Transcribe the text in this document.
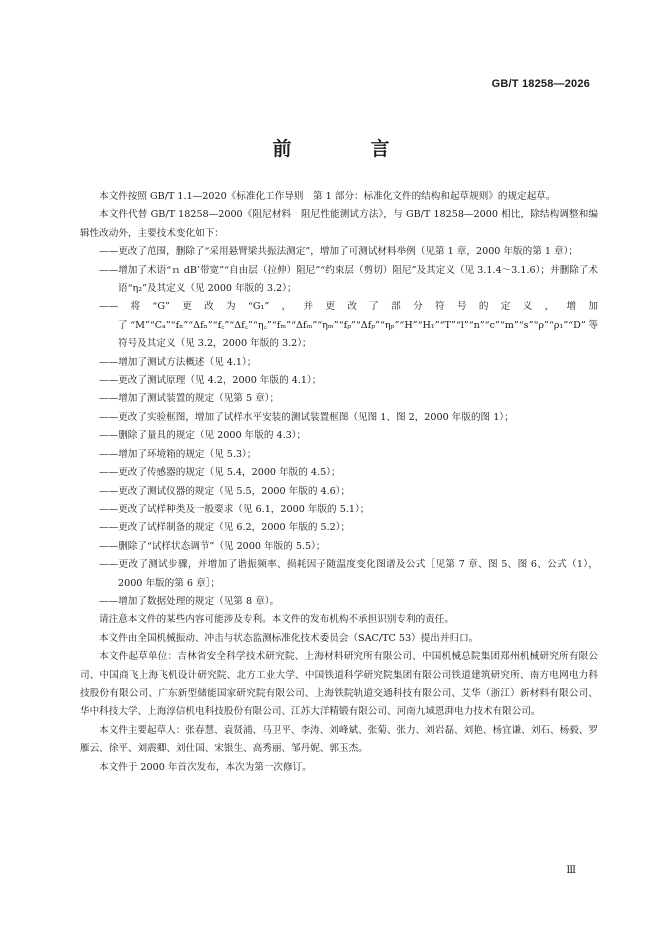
GB/T 18258—2026
前　言

本文件按照 GB/T 1.1—2020《标准化工作导则　第 1 部分：标准化文件的结构和起草规则》的规定起草。

本文件代替 GB/T 18258—2000《阻尼材料　阻尼性能测试方法》，与 GB/T 18258—2000 相比，除结构调整和编辑性改动外，主要技术变化如下：

——更改了范围，删除了“采用悬臂梁共振法测定”，增加了可测试材料举例（见第 1 章，2000 年版的第 1 章）；

——增加了术语“ｎ dB’带宽”“自由层（拉伸）阻尼”“约束层（剪切）阻尼”及其定义（见 3.1.4～3.1.6）；并删除了术语“η₂”及其定义（见 2000 年版的 3.2）；

——将“G”更改为“G₁”，并更改了部分符号的定义，增加了“M”“Cₐ”“fₙ”“Δfₙ”“f꜀”“Δf꜀”“η꜀”“fₘ”“Δfₘ”“ηₘ”“fₚ”“Δfₚ”“ηₚ”“H”“H₁”“T”“l”“n”“c”“m”“s”“ρ”“ρ₁”“D”等符号及其定义（见 3.2，2000 年版的 3.2）；

——增加了测试方法概述（见 4.1）；

——更改了测试原理（见 4.2，2000 年版的 4.1）；

——增加了测试装置的规定（见第 5 章）；

——更改了实验框图，增加了试样水平安装的测试装置框图（见图 1、图 2，2000 年版的图 1）；

——删除了量具的规定（见 2000 年版的 4.3）；

——增加了环境箱的规定（见 5.3）；

——更改了传感器的规定（见 5.4，2000 年版的 4.5）；

——更改了测试仪器的规定（见 5.5，2000 年版的 4.6）；

——更改了试样种类及一般要求（见 6.1，2000 年版的 5.1）；

——更改了试样制备的规定（见 6.2，2000 年版的 5.2）；

——删除了“试样状态调节”（见 2000 年版的 5.5）；

——更改了测试步骤，并增加了谐振频率、损耗因子随温度变化图谱及公式［见第 7 章、图 5、图 6、公式（1），2000 年版的第 6 章］；

——增加了数据处理的规定（见第 8 章）。

请注意本文件的某些内容可能涉及专利。本文件的发布机构不承担识别专利的责任。

本文件由全国机械振动、冲击与状态监测标准化技术委员会（SAC/TC 53）提出并归口。

本文件起草单位：吉林省安全科学技术研究院、上海材料研究所有限公司、中国机械总院集团郑州机械研究所有限公司、中国商飞上海飞机设计研究院、北方工业大学、中国铁道科学研究院集团有限公司铁道建筑研究所、南方电网电力科技股份有限公司、广东新型储能国家研究院有限公司、上海铁院轨道交通科技有限公司、艾华（浙江）新材料有限公司、华中科技大学、上海淳信机电科技股份有限公司、江苏大洋精锻有限公司、河南九域恩湃电力技术有限公司。

本文件主要起草人：张春慧、袁贤浦、马卫平、李涛、刘峰斌、张菊、张力、刘岩磊、刘艳、杨宜谦、刘石、杨毅、罗雁云、徐平、刘震卿、刘仕国、宋银生、高秀丽、邹丹妮、郭玉杰。

本文件于 2000 年首次发布，本次为第一次修订。

Ⅲ
